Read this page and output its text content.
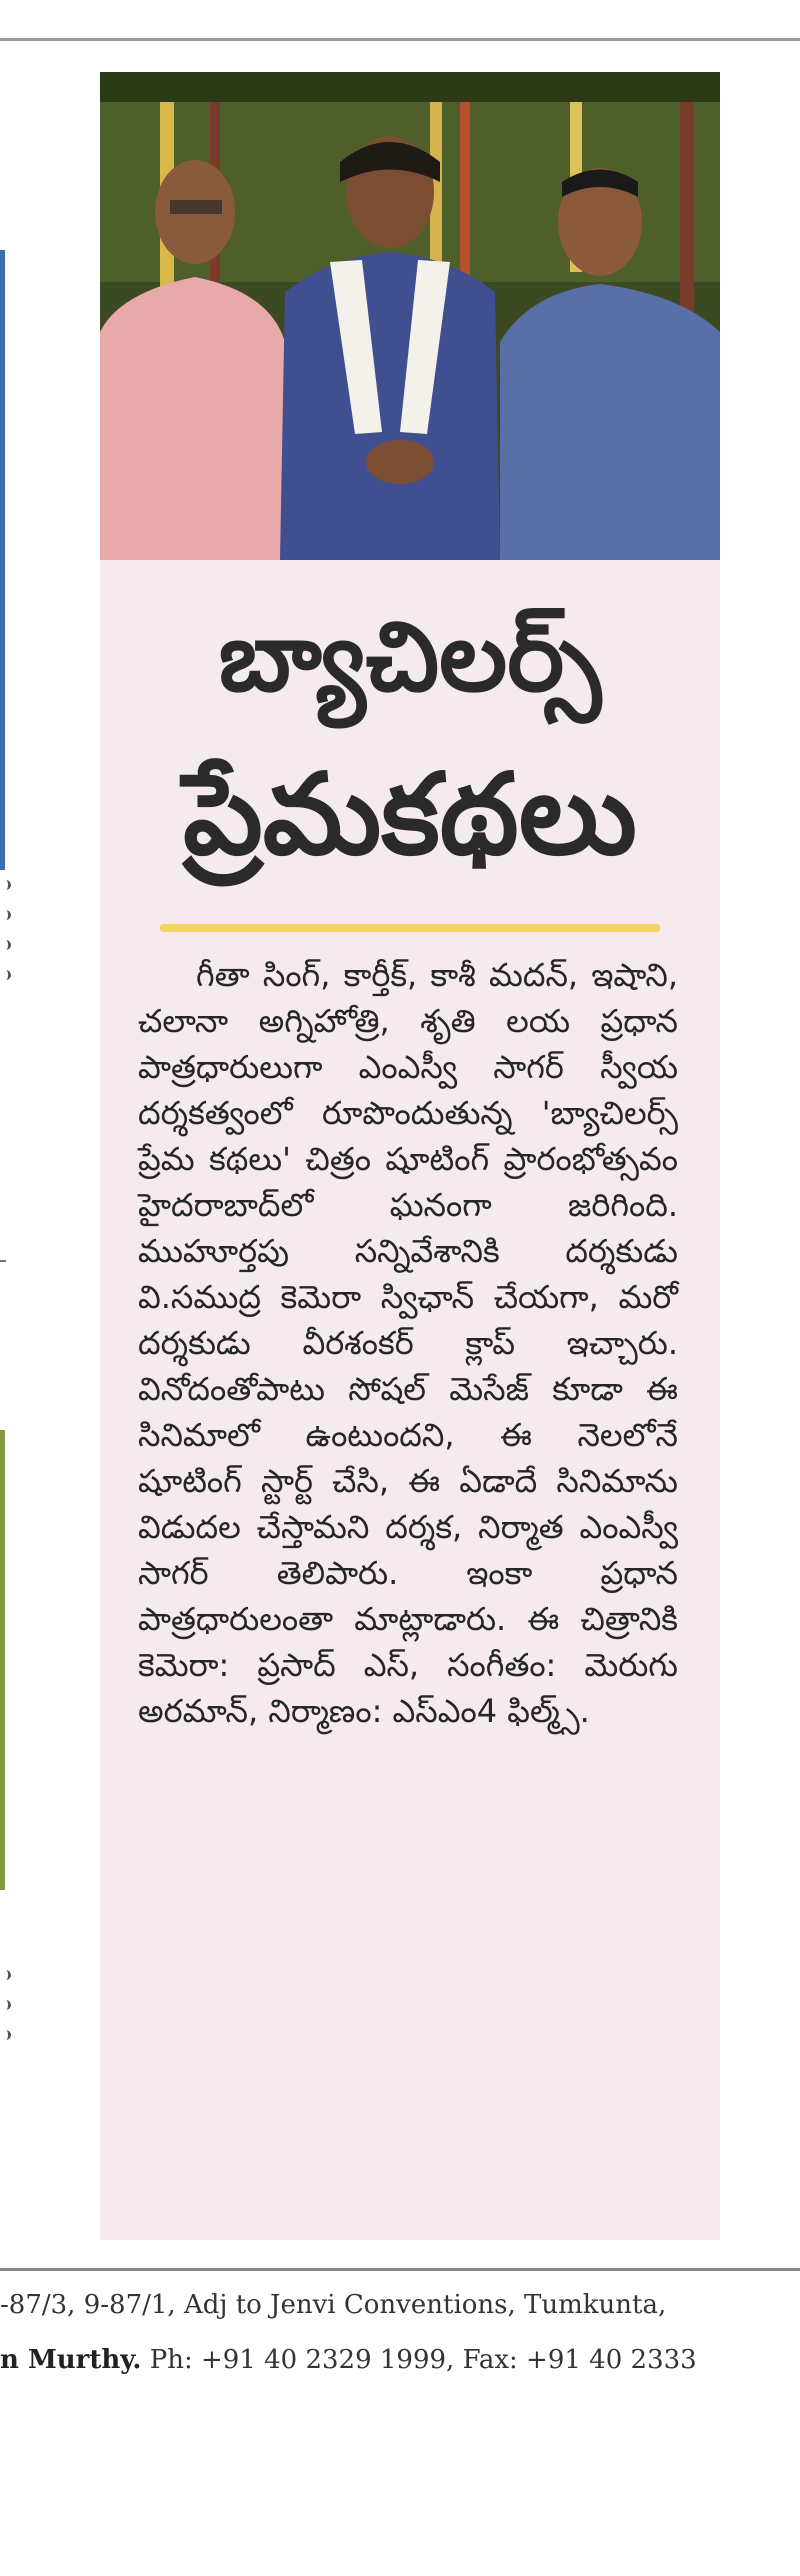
బ్యాచిలర్స్
ప్రేమకథలు
గీతా సింగ్, కార్తీక్, కాశీ మదన్, ఇషాని, చలానా అగ్నిహోత్రి, శృతి లయ ప్రధాన పాత్రధారులుగా ఎంఎస్వీ సాగర్ స్వీయ దర్శకత్వంలో రూపొందుతున్న 'బ్యాచిలర్స్ ప్రేమ కథలు' చిత్రం షూటింగ్ ప్రారంభోత్సవం హైదరాబాద్‌లో ఘనంగా జరిగింది. ముహూర్తపు సన్నివేశానికి దర్శకుడు వి.సముద్ర కెమెరా స్విఛాన్ చేయగా, మరో దర్శకుడు వీరశంకర్ క్లాప్ ఇచ్చారు. వినోదంతోపాటు సోషల్ మెసేజ్ కూడా ఈ సినిమాలో ఉంటుందని, ఈ నెలలోనే షూటింగ్ స్టార్ట్ చేసి, ఈ ఏడాదే సినిమాను విడుదల చేస్తామని దర్శక, నిర్మాత ఎంఎస్వీ సాగర్ తెలిపారు. ఇంకా ప్రధాన పాత్రధారులంతా మాట్లాడారు. ఈ చిత్రానికి కెమెరా: ప్రసాద్ ఎస్, సంగీతం: మెరుగు అరమాన్, నిర్మాణం: ఎస్ఎం4 ఫిల్మ్స్.
-87/3, 9-87/1, Adj to Jenvi Conventions, Tumkunta,
n Murthy. Ph: +91 40 2329 1999, Fax: +91 40 2333
